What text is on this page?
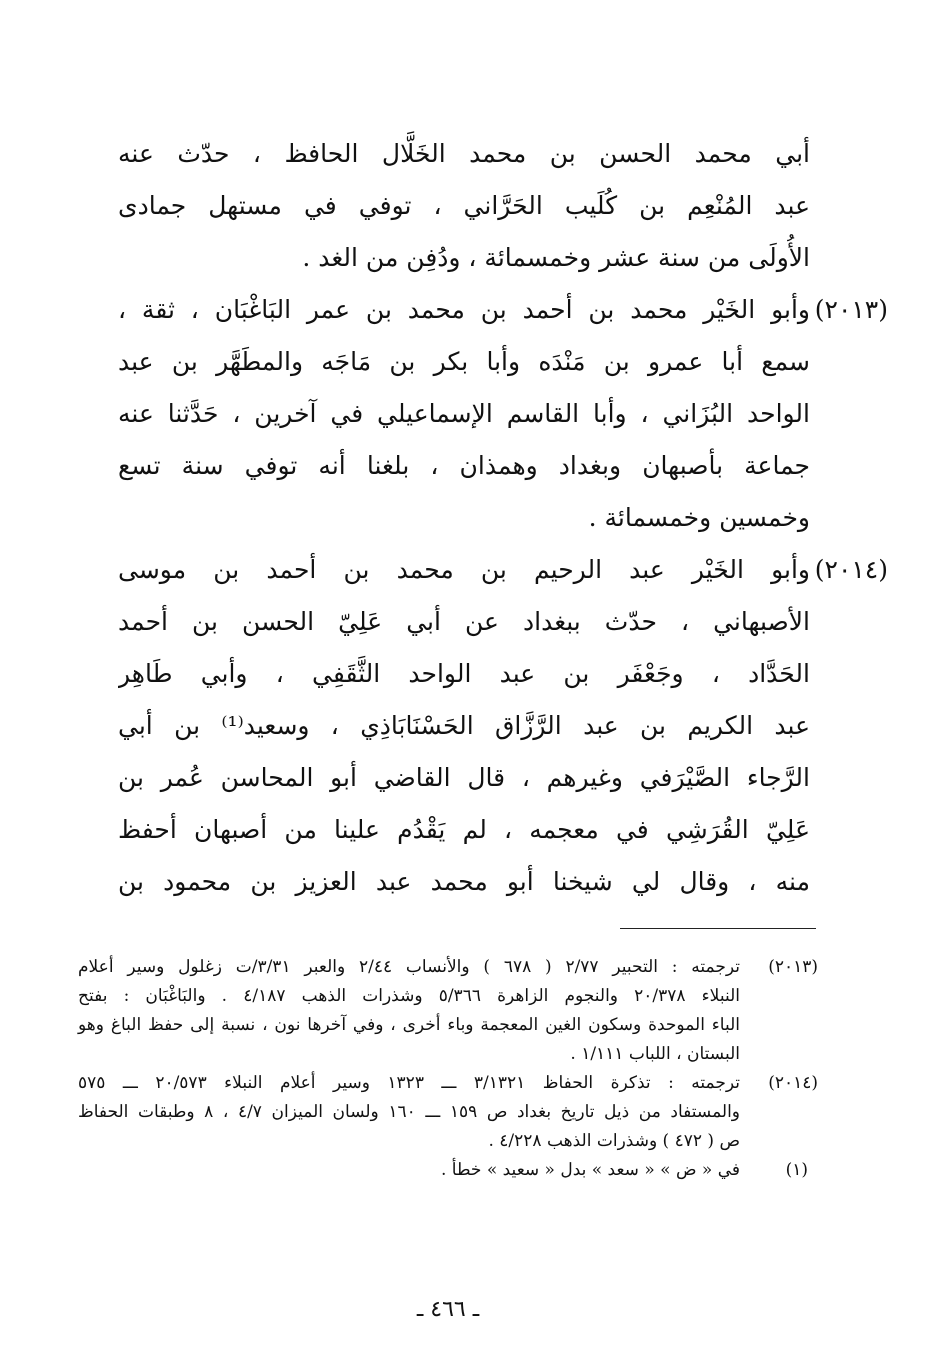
أبي محمد الحسن بن محمد الخَلَّال الحافظ ، حدّث عنه
عبد المُنْعِم بن كُلَيب الحَرَّاني ، توفي في مستهل جمادى
الأُولَى من سنة عشر وخمسمائة ، ودُفِن من الغد .
(٢٠١٣)
وأبو الخَيْر محمد بن أحمد بن محمد بن عمر البَاغْبَان ، ثقة ،
سمع أبا عمرو بن مَنْدَه وأبا بكر بن مَاجَه والمطَهَّر بن عبد
الواحد البُزَاني ، وأبا القاسم الإسماعيلي في آخرين ، حَدَّثنا عنه
جماعة بأصبهان وبغداد وهمذان ، بلغنا أنه توفي سنة تسع
وخمسين وخمسمائة .
(٢٠١٤)
وأبو الخَيْر عبد الرحيم بن محمد بن أحمد بن موسى
الأصبهاني ، حدّث ببغداد عن أبي عَلِيّ الحسن بن أحمد
الحَدَّاد ، وجَعْفَر بن عبد الواحد الثَّقَفِي ، وأبي طَاهِر
عبد الكريم بن عبد الرَّزَّاق الحَسْنَابَاذِي ، وسعيد⁽¹⁾ بن أبي
الرَّجاء الصَّيْرَفي وغيرهم ، قال القاضي أبو المحاسن عُمر بن
عَلِيّ القُرَشِي في معجمه ، لم يَقْدُم علينا من أصبهان أحفظ
منه ، وقال لي شيخنا أبو محمد عبد العزيز بن محمود بن
(٢٠١٣)
ترجمته : التحبير ٢/٧٧ ( ٦٧٨ ) والأنساب ٢/٤٤ والعبر ٣/٣١/ت زغلول وسير أعلام
النبلاء ٢٠/٣٧٨ والنجوم الزاهرة ٥/٣٦٦ وشذرات الذهب ٤/١٨٧ . والبَاغْبَان : بفتح
الباء الموحدة وسكون الغين المعجمة وباء أخرى ، وفي آخرها نون ، نسبة إلى حفظ الباغ وهو
البستان ، اللباب ١/١١١ .
(٢٠١٤)
ترجمته : تذكرة الحفاظ ٣/١٣٢١ ـــ ١٣٢٣ وسير أعلام النبلاء ٢٠/٥٧٣ ـــ ٥٧٥
والمستفاد من ذيل تاريخ بغداد ص ١٥٩ ـــ ١٦٠ ولسان الميزان ٤/٧ ، ٨ وطبقات الحفاظ
ص ( ٤٧٢ ) وشذرات الذهب ٤/٢٢٨ .
(١)
في « ض » « سعد » بدل « سعيد » خطأ .
ـ ٤٦٦ ـ
